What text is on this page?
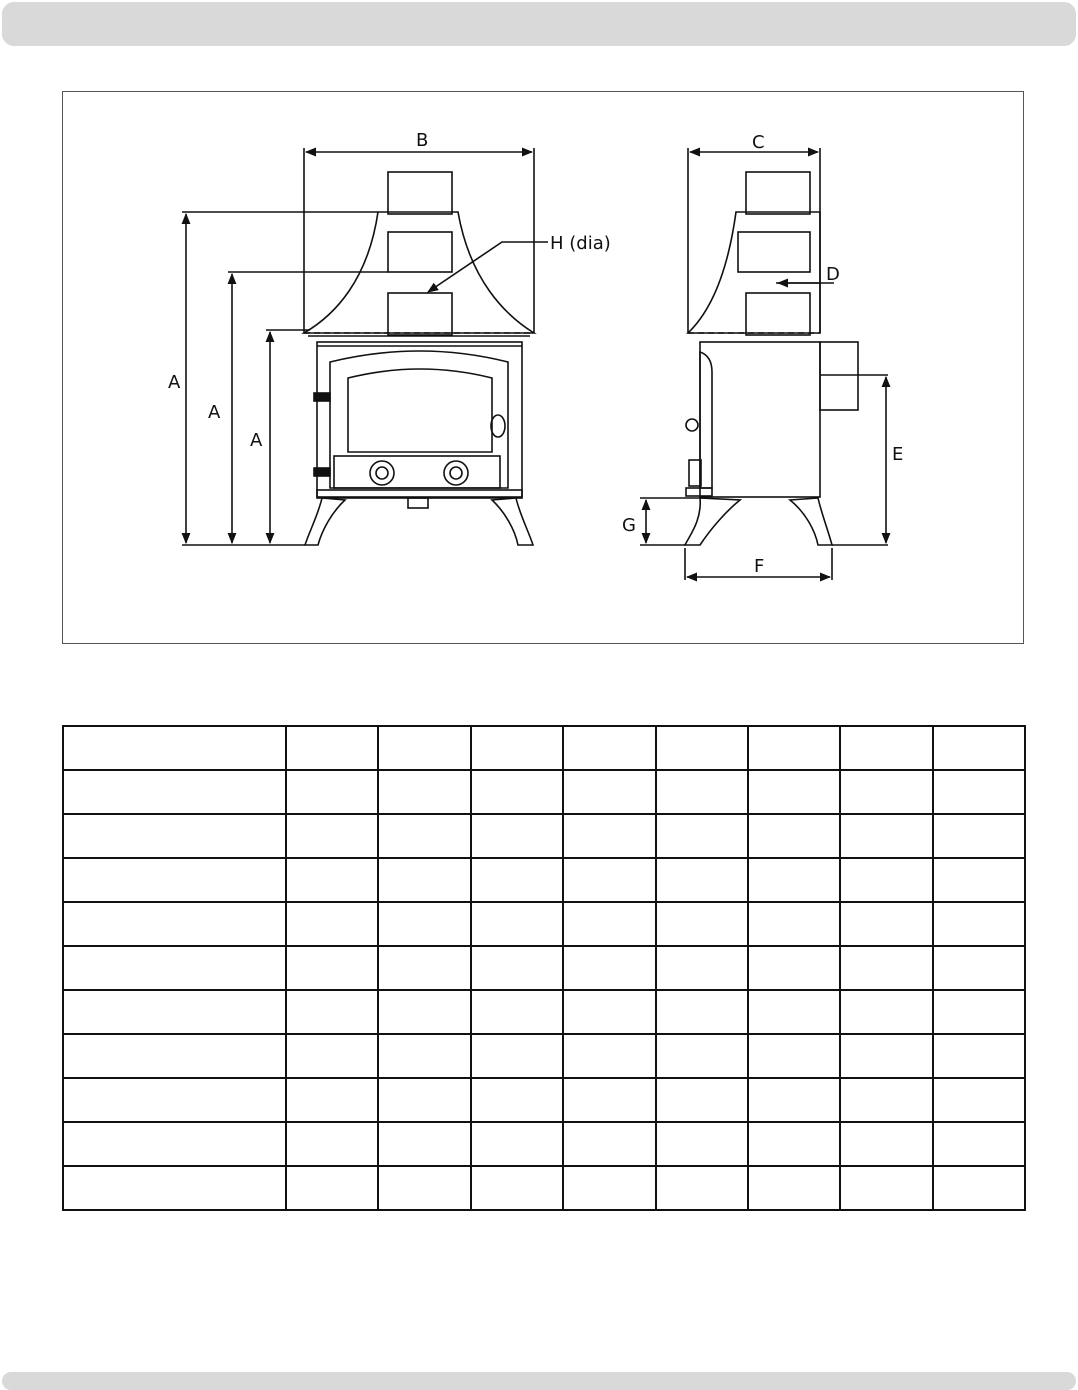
B	C
H (dia)
D
A
A
A
E
G
F
